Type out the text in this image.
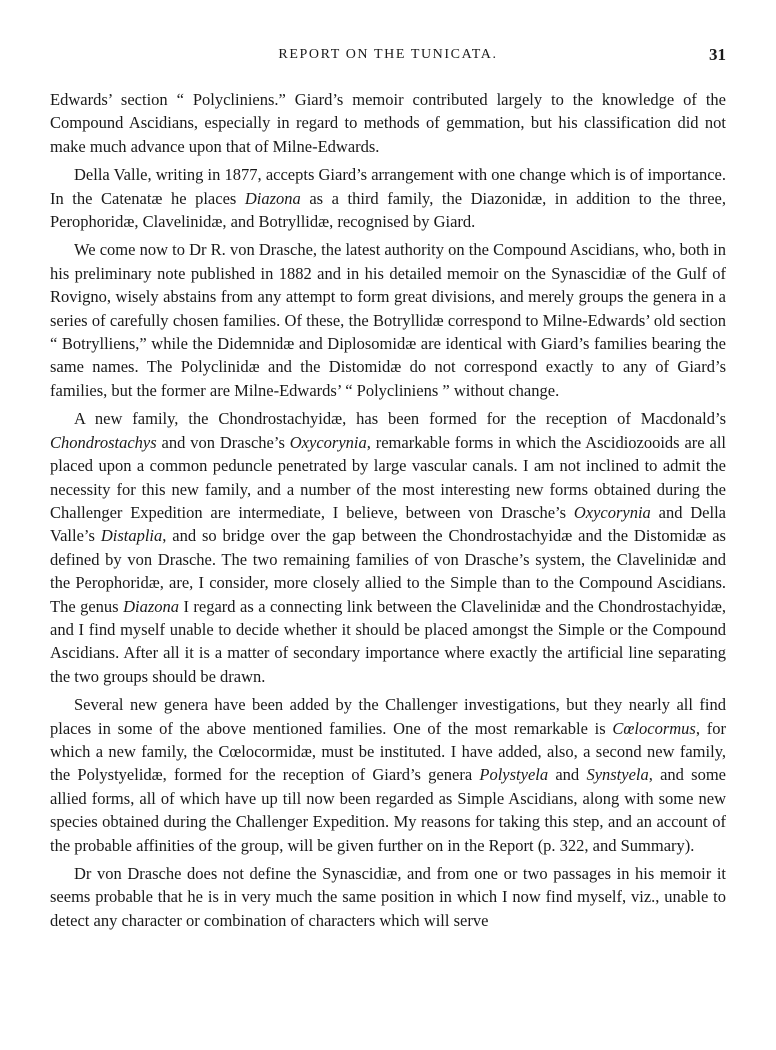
REPORT ON THE TUNICATA.	31

Edwards’ section “ Polycliniens.” Giard’s memoir contributed largely to the knowledge of the Compound Ascidians, especially in regard to methods of gemmation, but his classification did not make much advance upon that of Milne-Edwards.

Della Valle, writing in 1877, accepts Giard’s arrangement with one change which is of importance. In the Catenatæ he places Diazona as a third family, the Diazonidæ, in addition to the three, Perophoridæ, Clavelinidæ, and Botryllidæ, recognised by Giard.

We come now to Dr R. von Drasche, the latest authority on the Compound Ascidians, who, both in his preliminary note published in 1882 and in his detailed memoir on the Synascidiæ of the Gulf of Rovigno, wisely abstains from any attempt to form great divisions, and merely groups the genera in a series of carefully chosen families. Of these, the Botryllidæ correspond to Milne-Edwards’ old section “ Botrylliens,” while the Didemnidæ and Diplosomidæ are identical with Giard’s families bearing the same names. The Polyclinidæ and the Distomidæ do not correspond exactly to any of Giard’s families, but the former are Milne-Edwards’ “ Polycliniens ” without change.

A new family, the Chondrostachyidæ, has been formed for the reception of Macdonald’s Chondrostachys and von Drasche’s Oxycorynia, remarkable forms in which the Ascidiozooids are all placed upon a common peduncle penetrated by large vascular canals. I am not inclined to admit the necessity for this new family, and a number of the most interesting new forms obtained during the Challenger Expedition are intermediate, I believe, between von Drasche’s Oxycorynia and Della Valle’s Distaplia, and so bridge over the gap between the Chondrostachyidæ and the Distomidæ as defined by von Drasche. The two remaining families of von Drasche’s system, the Clavelinidæ and the Perophoridæ, are, I consider, more closely allied to the Simple than to the Compound Ascidians. The genus Diazona I regard as a connecting link between the Clavelinidæ and the Chondrostachyidæ, and I find myself unable to decide whether it should be placed amongst the Simple or the Compound Ascidians. After all it is a matter of secondary importance where exactly the artificial line separating the two groups should be drawn.

Several new genera have been added by the Challenger investigations, but they nearly all find places in some of the above mentioned families. One of the most remarkable is Cœlocormus, for which a new family, the Cœlocormidæ, must be instituted. I have added, also, a second new family, the Polystyelidæ, formed for the reception of Giard’s genera Polystyela and Synstyela, and some allied forms, all of which have up till now been regarded as Simple Ascidians, along with some new species obtained during the Challenger Expedition. My reasons for taking this step, and an account of the probable affinities of the group, will be given further on in the Report (p. 322, and Summary).

Dr von Drasche does not define the Synascidiæ, and from one or two passages in his memoir it seems probable that he is in very much the same position in which I now find myself, viz., unable to detect any character or combination of characters which will serve
